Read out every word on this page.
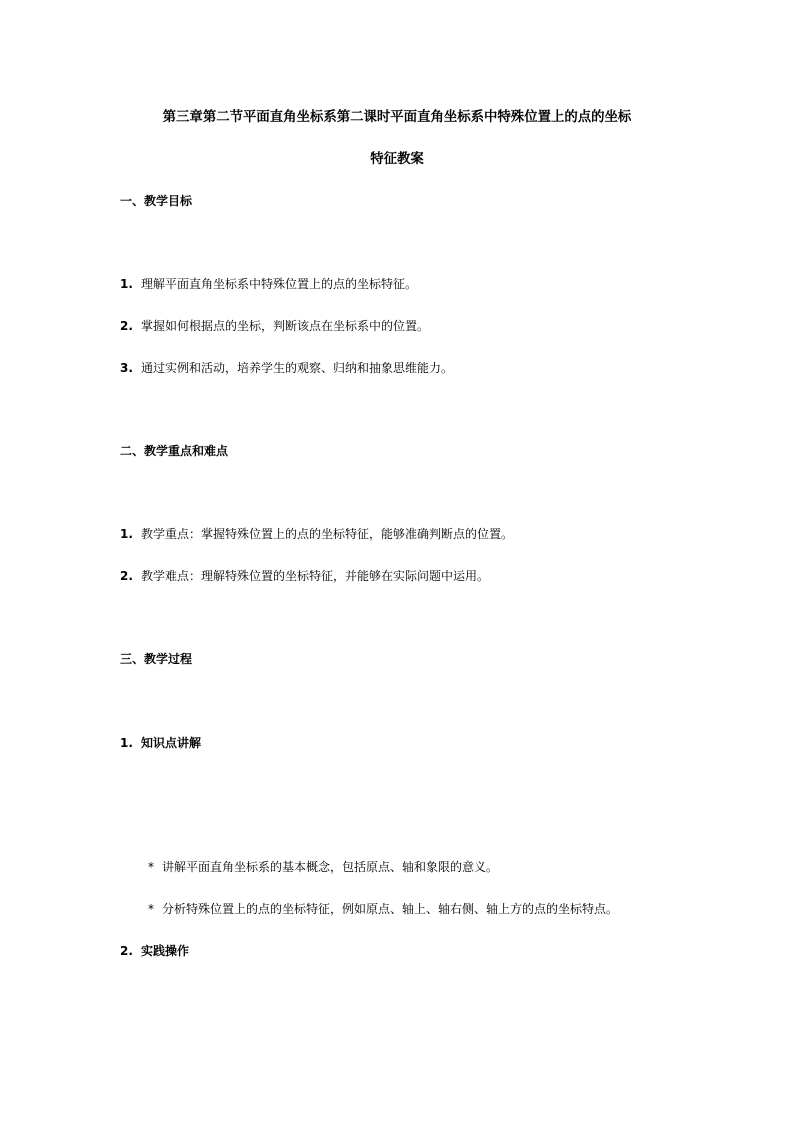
第三章第二节平面直角坐标系第二课时平面直角坐标系中特殊位置上的点的坐标

特征教案

一、教学目标

1. 理解平面直角坐标系中特殊位置上的点的坐标特征。

2. 掌握如何根据点的坐标，判断该点在坐标系中的位置。

3. 通过实例和活动，培养学生的观察、归纳和抽象思维能力。

二、教学重点和难点

1. 教学重点：掌握特殊位置上的点的坐标特征，能够准确判断点的位置。

2. 教学难点：理解特殊位置的坐标特征，并能够在实际问题中运用。

三、教学过程

1. 知识点讲解

* 讲解平面直角坐标系的基本概念，包括原点、轴和象限的意义。

* 分析特殊位置上的点的坐标特征，例如原点、轴上、轴右侧、轴上方的点的坐标特点。

2. 实践操作
